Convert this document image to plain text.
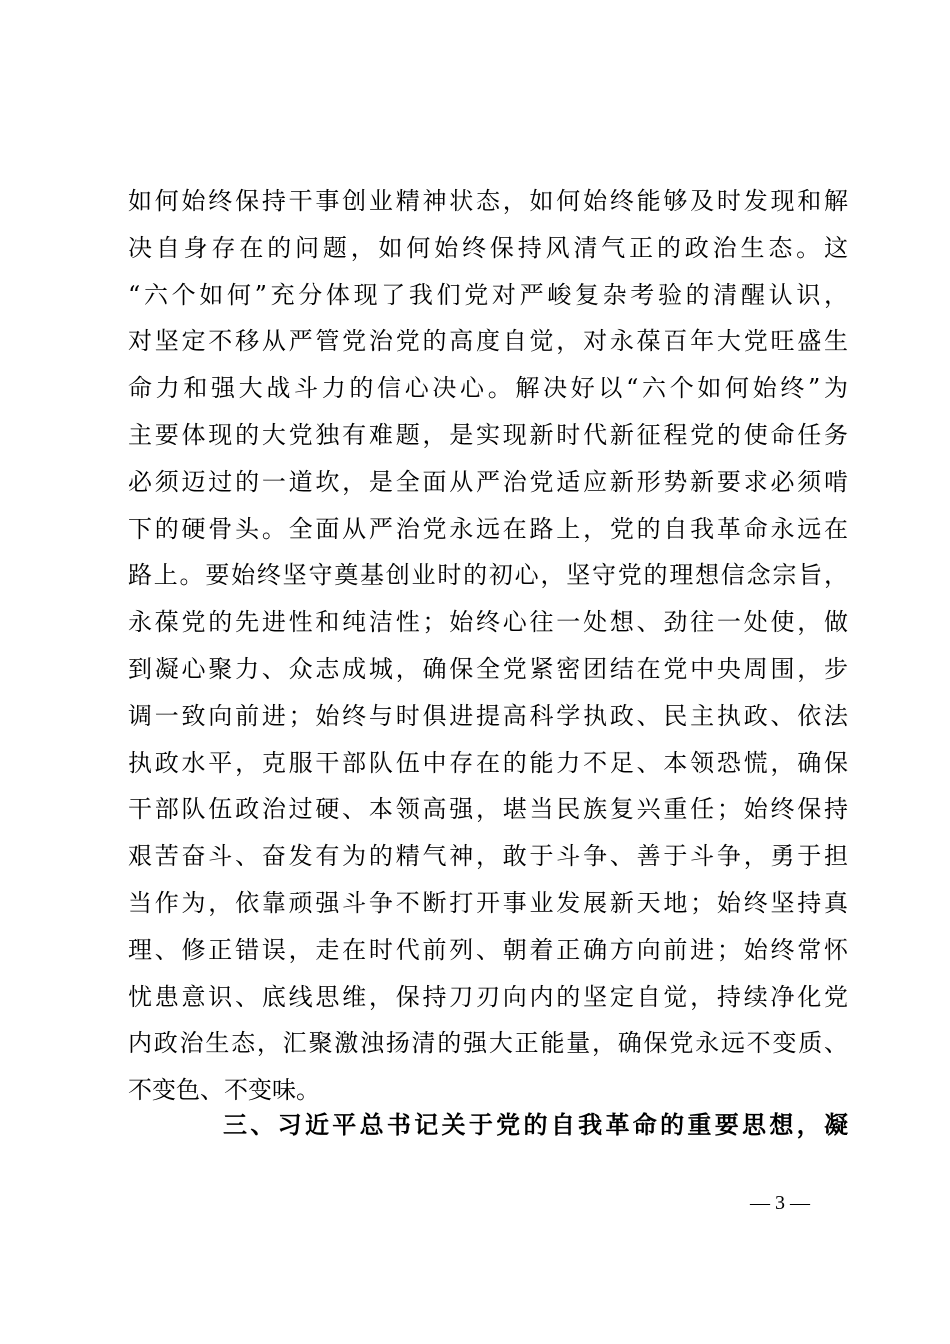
如何始终保持干事创业精神状态，如何始终能够及时发现和解
决自身存在的问题，如何始终保持风清气正的政治生态。这
“六个如何”充分体现了我们党对严峻复杂考验的清醒认识，
对坚定不移从严管党治党的高度自觉，对永葆百年大党旺盛生
命力和强大战斗力的信心决心。解决好以“六个如何始终”为
主要体现的大党独有难题，是实现新时代新征程党的使命任务
必须迈过的一道坎，是全面从严治党适应新形势新要求必须啃
下的硬骨头。全面从严治党永远在路上，党的自我革命永远在
路上。要始终坚守奠基创业时的初心，坚守党的理想信念宗旨，
永葆党的先进性和纯洁性；始终心往一处想、劲往一处使，做
到凝心聚力、众志成城，确保全党紧密团结在党中央周围，步
调一致向前进；始终与时俱进提高科学执政、民主执政、依法
执政水平，克服干部队伍中存在的能力不足、本领恐慌，确保
干部队伍政治过硬、本领高强，堪当民族复兴重任；始终保持
艰苦奋斗、奋发有为的精气神，敢于斗争、善于斗争，勇于担
当作为，依靠顽强斗争不断打开事业发展新天地；始终坚持真
理、修正错误，走在时代前列、朝着正确方向前进；始终常怀
忧患意识、底线思维，保持刀刃向内的坚定自觉，持续净化党
内政治生态，汇聚激浊扬清的强大正能量，确保党永远不变质、
不变色、不变味。
三、习近平总书记关于党的自我革命的重要思想，凝
— 3 —
